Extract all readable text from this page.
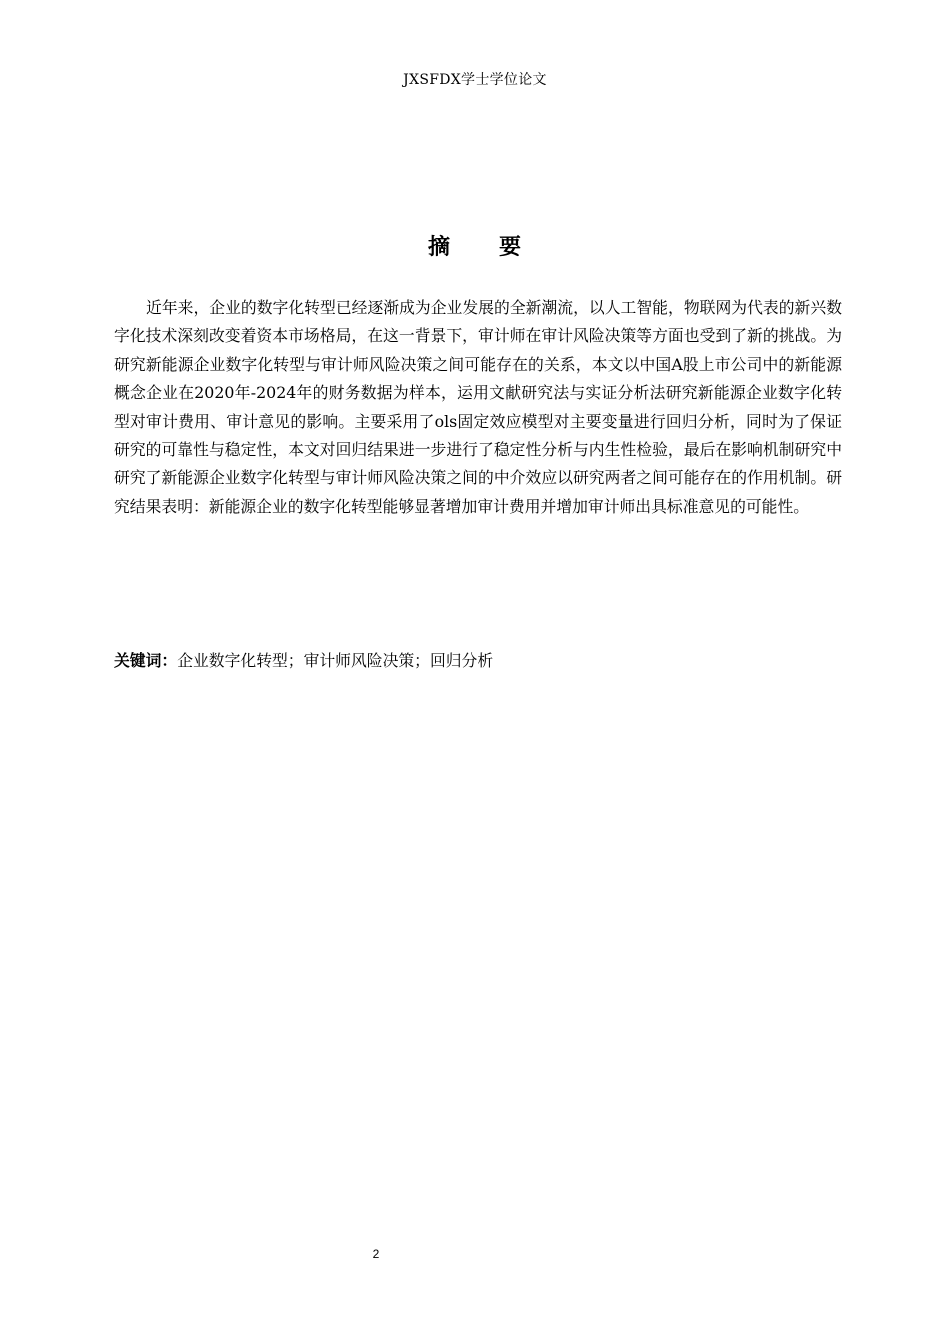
JXSFDX学士学位论文
摘 要

近年来，企业的数字化转型已经逐渐成为企业发展的全新潮流，以人工智能，物联网为代表的新兴数字化技术深刻改变着资本市场格局，在这一背景下，审计师在审计风险决策等方面也受到了新的挑战。为研究新能源企业数字化转型与审计师风险决策之间可能存在的关系，本文以中国A股上市公司中的新能源概念企业在2020年-2024年的财务数据为样本，运用文献研究法与实证分析法研究新能源企业数字化转型对审计费用、审计意见的影响。主要采用了ols固定效应模型对主要变量进行回归分析，同时为了保证研究的可靠性与稳定性，本文对回归结果进一步进行了稳定性分析与内生性检验，最后在影响机制研究中研究了新能源企业数字化转型与审计师风险决策之间的中介效应以研究两者之间可能存在的作用机制。研究结果表明：新能源企业的数字化转型能够显著增加审计费用并增加审计师出具标准意见的可能性。

关键词：企业数字化转型；审计师风险决策；回归分析

2
